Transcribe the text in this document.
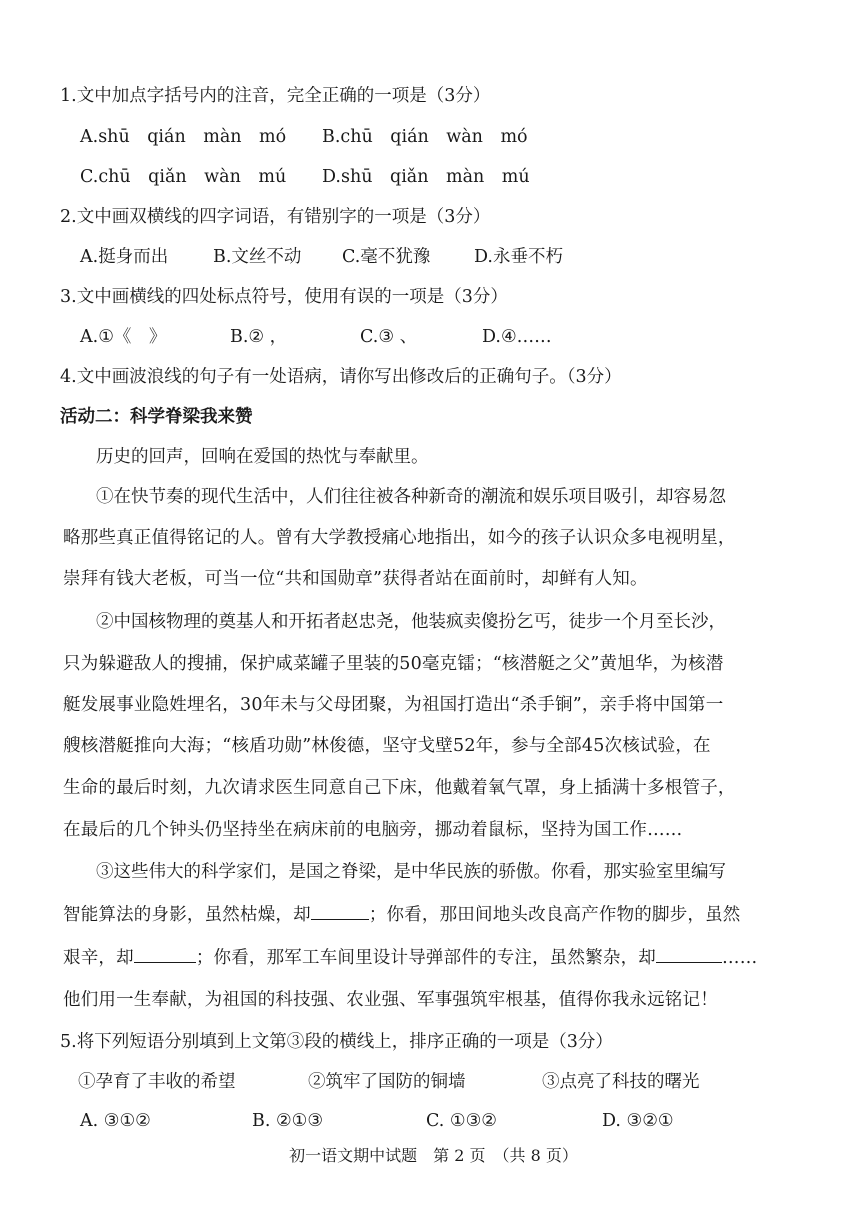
1.文中加点字括号内的注音，完全正确的一项是（3分）
A.shū　qián　màn　mó B.chū　qián　wàn　mó
C.chū　qiǎn　wàn　mú D.shū　qiǎn　màn　mú
2.文中画双横线的四字词语，有错别字的一项是（3分）
A.挺身而出	B.文丝不动 C.毫不犹豫 D.永垂不朽
3.文中画横线的四处标点符号，使用有误的一项是（3分）
A.①《　》	B.② ，	C.③ 、	D.④……
4.文中画波浪线的句子有一处语病，请你写出修改后的正确句子。（3分）
活动二：科学脊梁我来赞
历史的回声，回响在爱国的热忱与奉献里。
①在快节奏的现代生活中，人们往往被各种新奇的潮流和娱乐项目吸引，却容易忽
略那些真正值得铭记的人。曾有大学教授痛心地指出，如今的孩子认识众多电视明星，
崇拜有钱大老板，可当一位“共和国勋章”获得者站在面前时，却鲜有人知。
②中国核物理的奠基人和开拓者赵忠尧，他装疯卖傻扮乞丐，徒步一个月至长沙，
只为躲避敌人的搜捕，保护咸菜罐子里装的50毫克镭；“核潜艇之父”黄旭华，为核潜
艇发展事业隐姓埋名，30年未与父母团聚，为祖国打造出“杀手锏”，亲手将中国第一
艘核潜艇推向大海；“核盾功勋”林俊德，坚守戈壁52年，参与全部45次核试验，在
生命的最后时刻，九次请求医生同意自己下床，他戴着氧气罩，身上插满十多根管子，
在最后的几个钟头仍坚持坐在病床前的电脑旁，挪动着鼠标，坚持为国工作……
③这些伟大的科学家们，是国之脊梁，是中华民族的骄傲。你看，那实验室里编写
智能算法的身影，虽然枯燥，却	；你看，那田间地头改良高产作物的脚步，虽然
艰辛，却	；你看，那军工车间里设计导弹部件的专注，虽然繁杂，却	……
他们用一生奉献，为祖国的科技强、农业强、军事强筑牢根基，值得你我永远铭记！
5.将下列短语分别填到上文第③段的横线上，排序正确的一项是（3分）
①孕育了丰收的希望	②筑牢了国防的铜墙	③点亮了科技的曙光
A. ③①②	B. ②①③	C. ①③②	D. ③②①
初一语文期中试题　第 2 页　（共 8 页）
